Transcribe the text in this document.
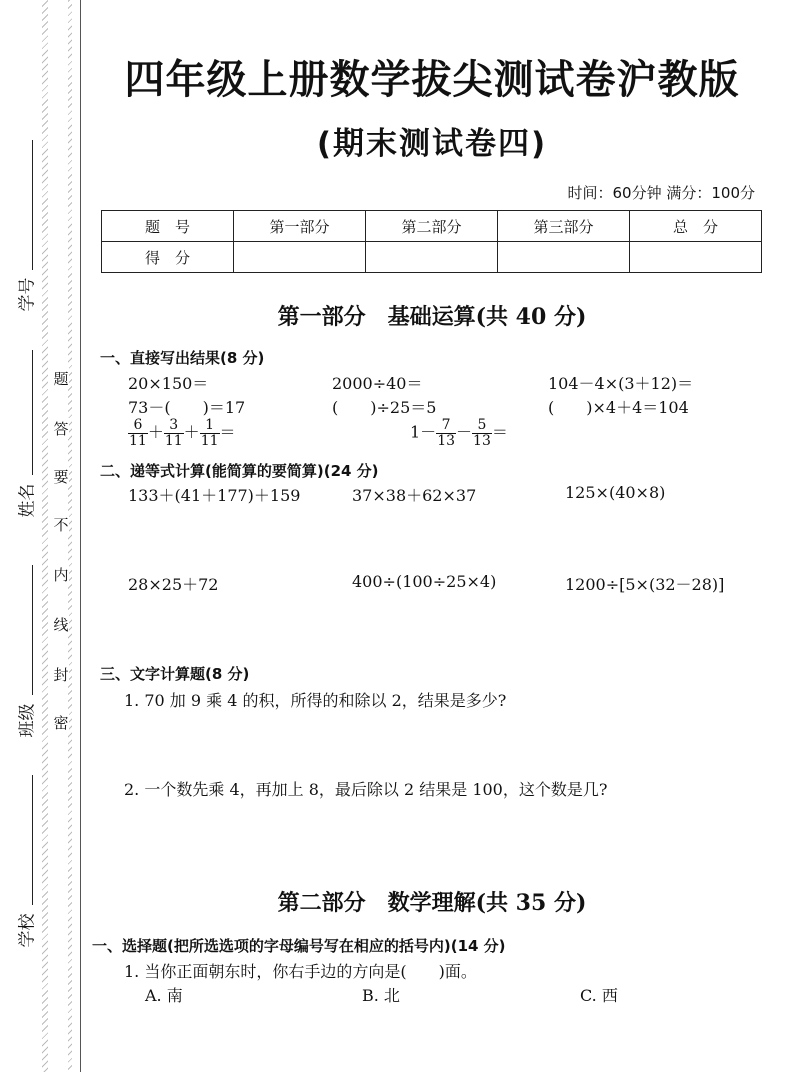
题
答
要
不
内
线
封
密
学号
姓名
班级
学校
四年级上册数学拔尖测试卷沪教版
(期末测试卷四)
时间：60分钟 满分：100分
题　号	第一部分	第二部分	第三部分	总　分
得　分				
第一部分　基础运算(共 40 分)
一、直接写出结果(8 分)
20×150＝	2000÷40＝	104－4×(3＋12)＝
73－(　　)＝17	(　　)÷25＝5	(　　)×4＋4＝104
$\frac{6}{11} + \frac{3}{11} + \frac{1}{11}$ ＝	$1- \frac{7}{13} - \frac{5}{13}$ ＝
二、递等式计算(能简算的要简算)(24 分)
133＋(41＋177)＋159	37×38＋62×37	125×(40×8)
28×25＋72	400÷(100÷25×4)	1200÷[5×(32－28)]
三、文字计算题(8 分)
1. 70 加 9 乘 4 的积，所得的和除以 2，结果是多少?
2. 一个数先乘 4，再加上 8，最后除以 2 结果是 100，这个数是几?
第二部分　数学理解(共 35 分)
一、选择题(把所选选项的字母编号写在相应的括号内)(14 分)
1. 当你正面朝东时，你右手边的方向是(　　)面。
A. 南	B. 北	C. 西
